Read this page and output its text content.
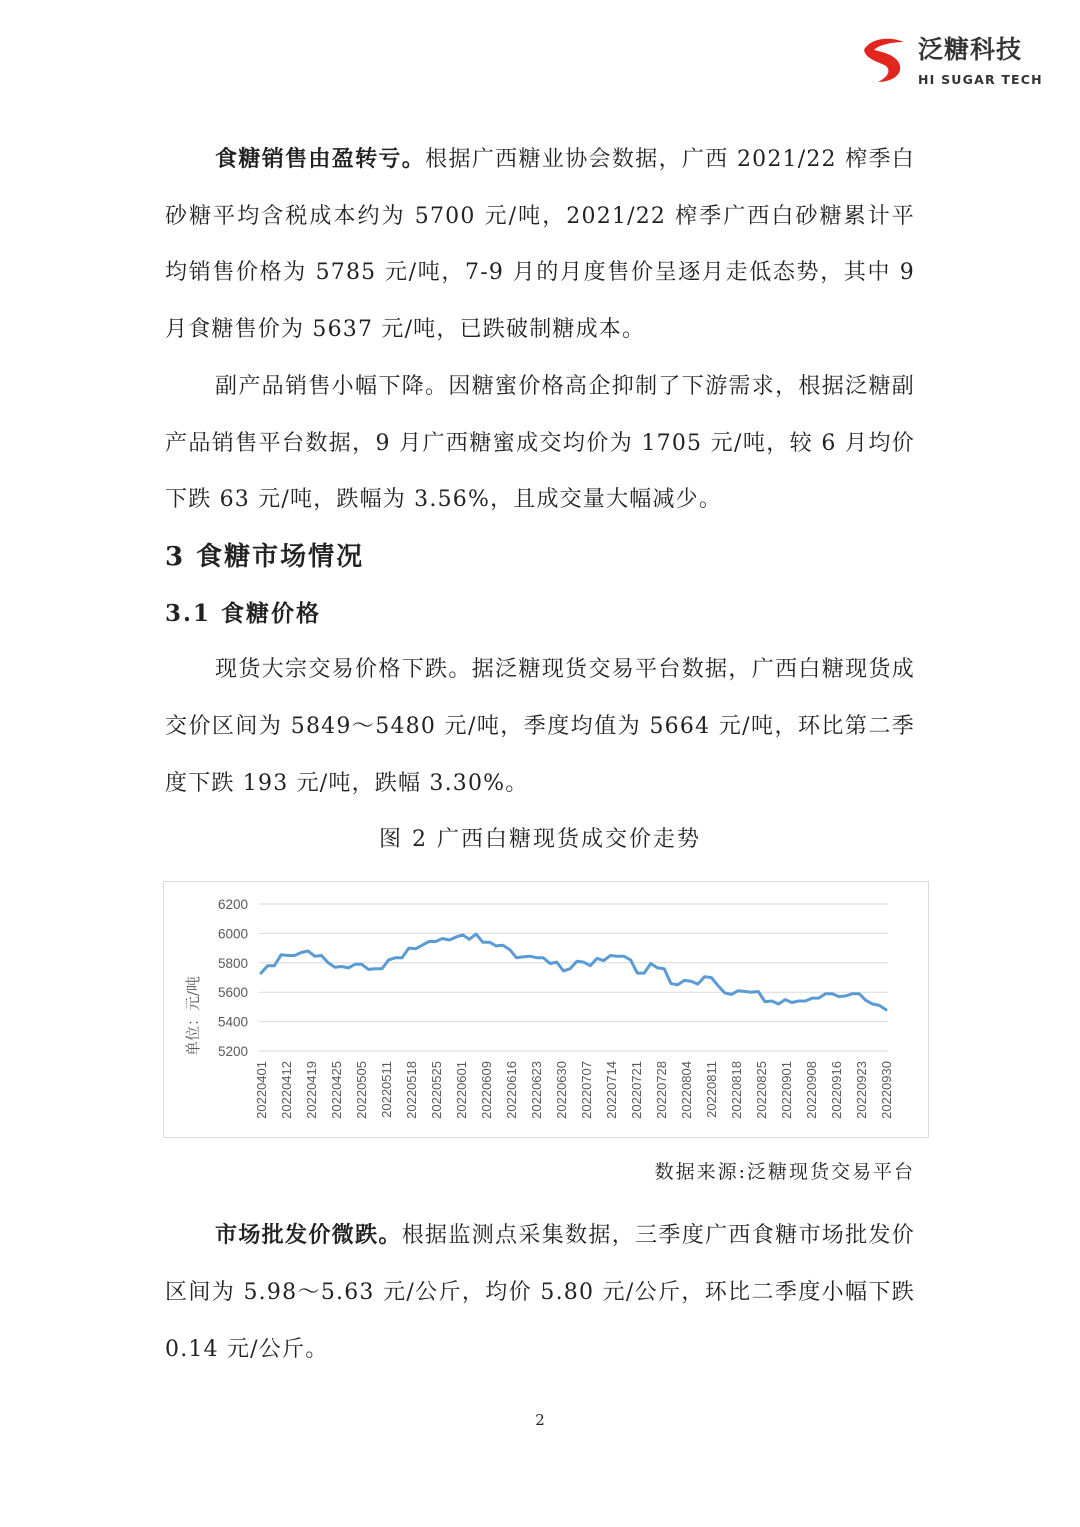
泛糖科技
HI SUGAR TECH
食糖销售由盈转亏。根据广西糖业协会数据，广西 2021/22 榨季白砂糖平均含税成本约为 5700 元/吨，2021/22 榨季广西白砂糖累计平均销售价格为 5785 元/吨，7-9 月的月度售价呈逐月走低态势，其中 9 月食糖售价为 5637 元/吨，已跌破制糖成本。
副产品销售小幅下降。因糖蜜价格高企抑制了下游需求，根据泛糖副产品销售平台数据，9 月广西糖蜜成交均价为 1705 元/吨，较 6 月均价下跌 63 元/吨，跌幅为 3.56%，且成交量大幅减少。
3 食糖市场情况
3.1 食糖价格
现货大宗交易价格下跌。据泛糖现货交易平台数据，广西白糖现货成交价区间为 5849～5480 元/吨，季度均值为 5664 元/吨，环比第二季度下跌 193 元/吨，跌幅 3.30%。
图 2 广西白糖现货成交价走势
5200
5400
5600
5800
6000
6200
单位：元/吨
20220401 20220412 20220419 20220425 20220505 20220511 20220518 20220525 20220601 20220609 20220616 20220623 20220630 20220707 20220714 20220721 20220728 20220804 20220811 20220818 20220825 20220901 20220908 20220916 20220923 20220930
数据来源:泛糖现货交易平台
市场批发价微跌。根据监测点采集数据，三季度广西食糖市场批发价区间为 5.98～5.63 元/公斤，均价 5.80 元/公斤，环比二季度小幅下跌 0.14 元/公斤。
2
